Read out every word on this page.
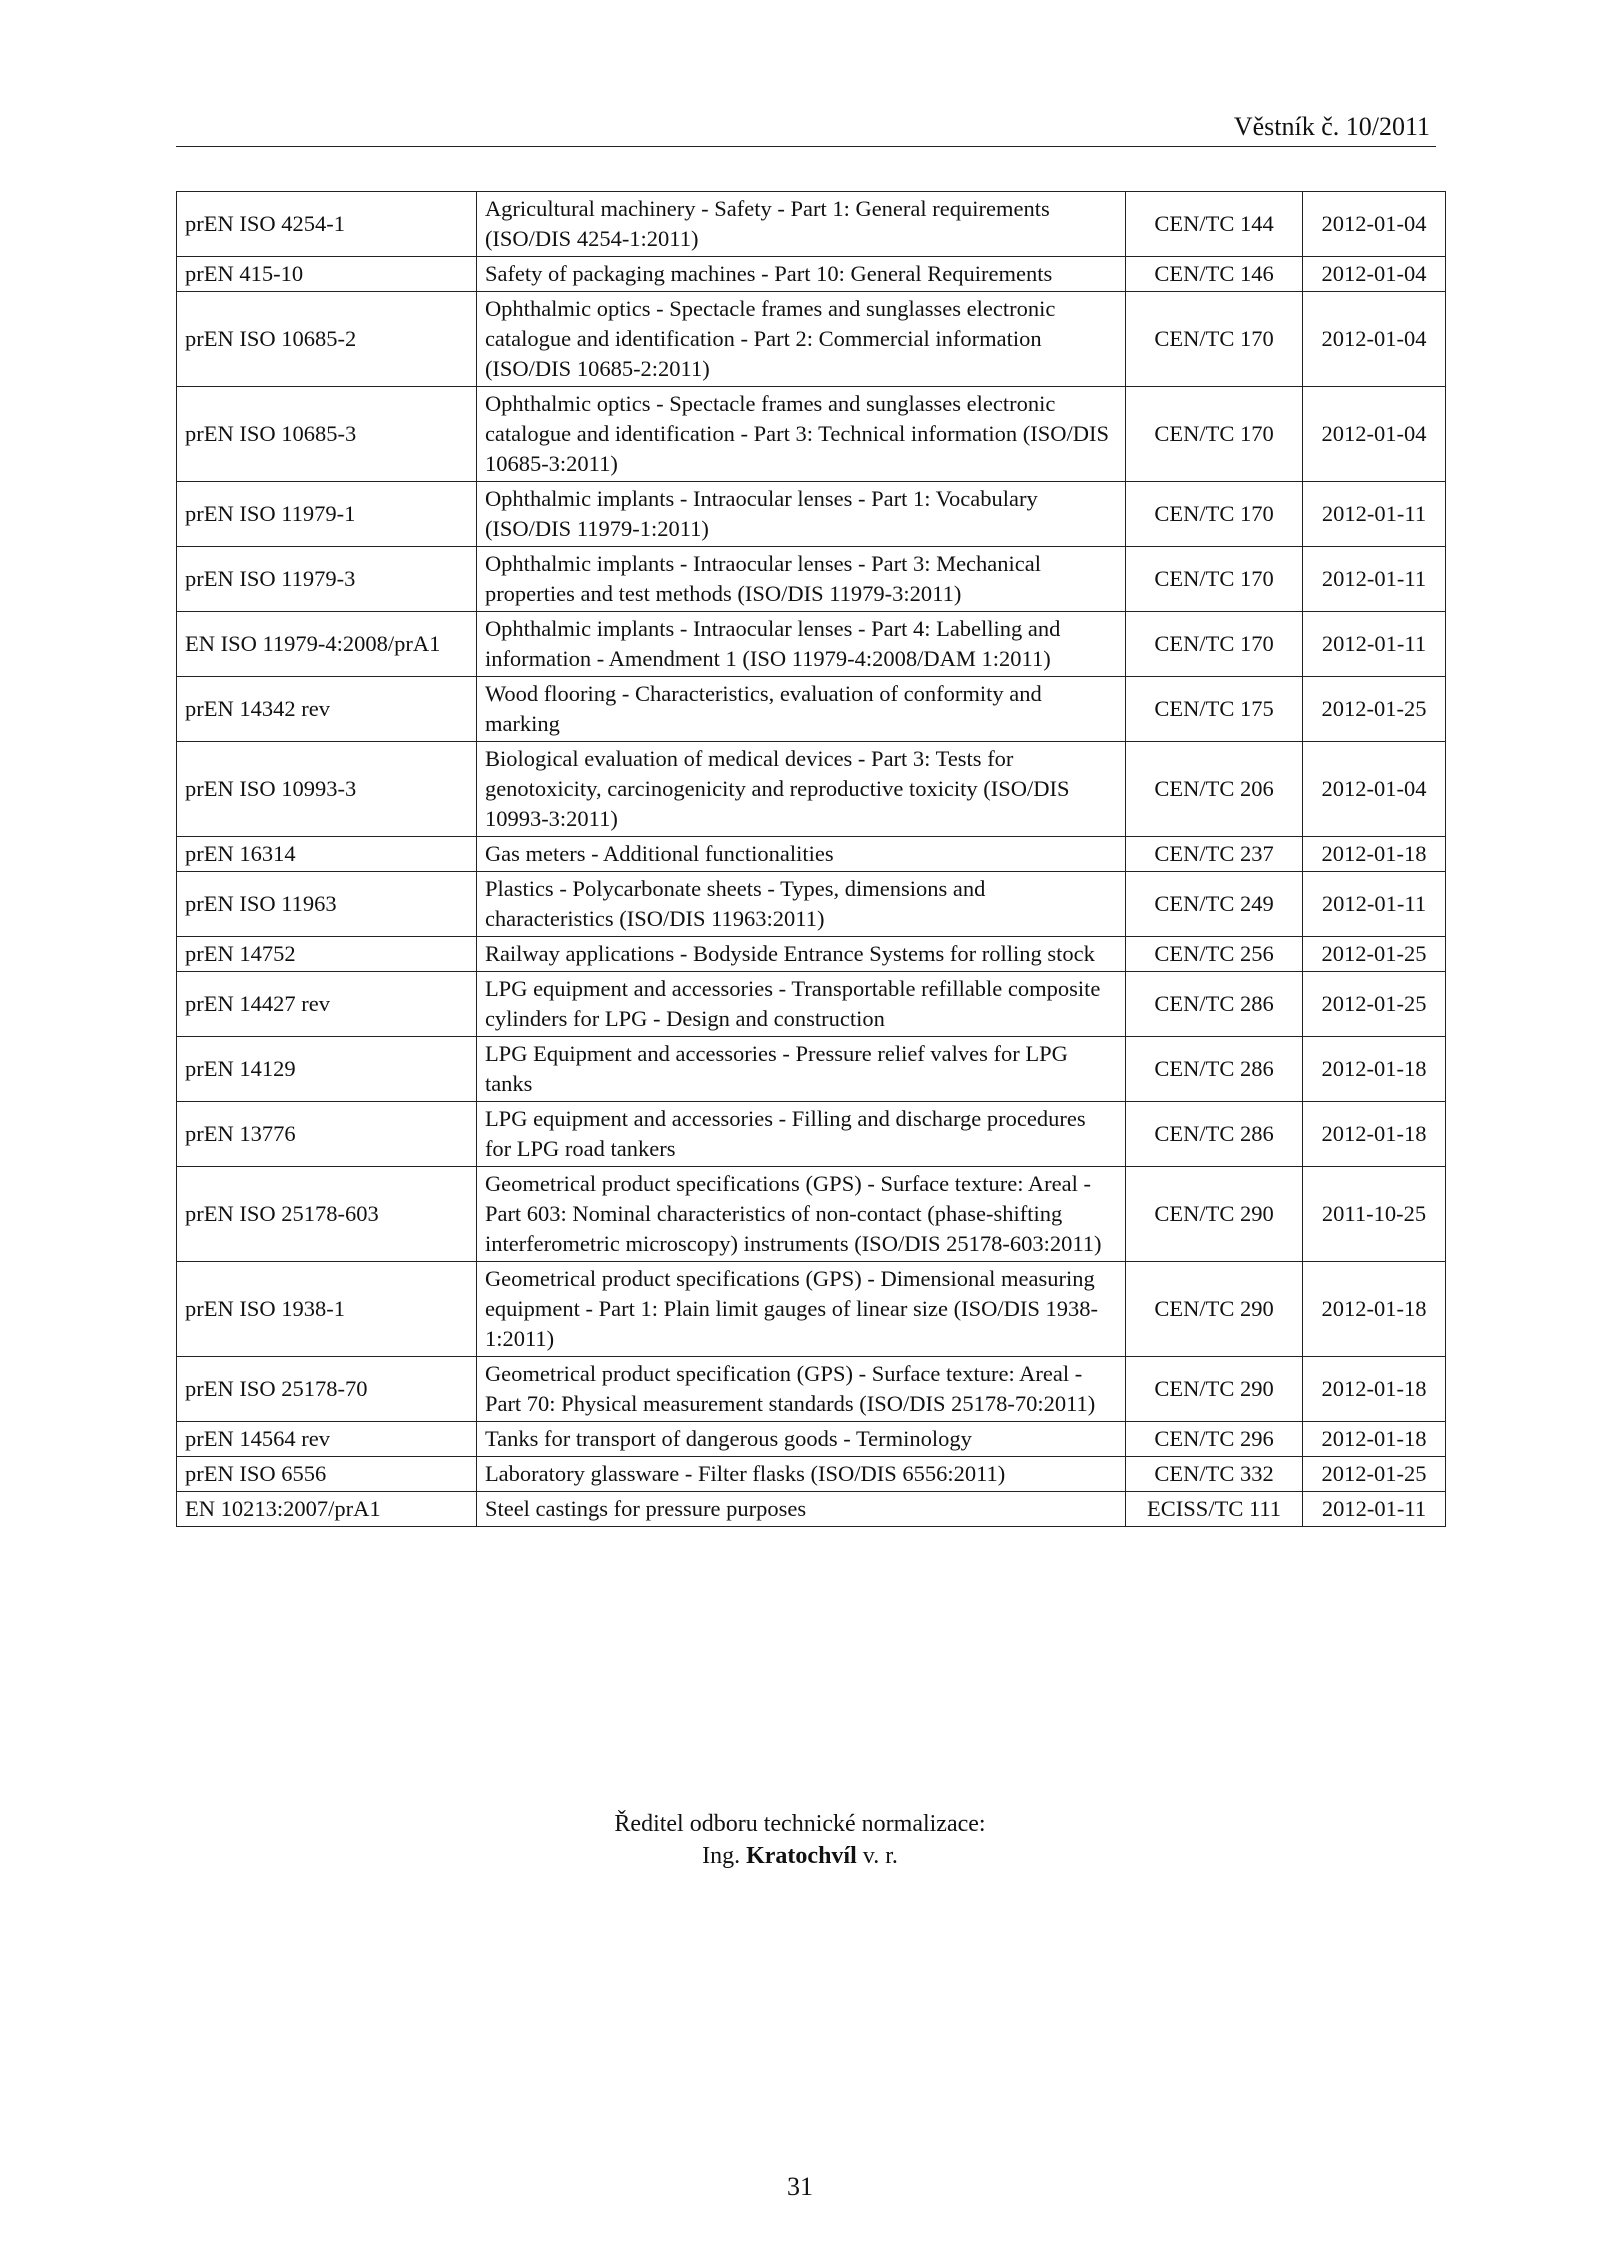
Věstník č. 10/2011
prEN ISO 4254-1	Agricultural machinery - Safety - Part 1: General requirements (ISO/DIS 4254-1:2011)	CEN/TC 144	2012-01-04
prEN 415-10	Safety of packaging machines - Part 10: General Requirements	CEN/TC 146	2012-01-04
prEN ISO 10685-2	Ophthalmic optics - Spectacle frames and sunglasses electronic catalogue and identification - Part 2: Commercial information (ISO/DIS 10685-2:2011)	CEN/TC 170	2012-01-04
prEN ISO 10685-3	Ophthalmic optics - Spectacle frames and sunglasses electronic catalogue and identification - Part 3: Technical information (ISO/DIS 10685-3:2011)	CEN/TC 170	2012-01-04
prEN ISO 11979-1	Ophthalmic implants - Intraocular lenses - Part 1: Vocabulary (ISO/DIS 11979-1:2011)	CEN/TC 170	2012-01-11
prEN ISO 11979-3	Ophthalmic implants - Intraocular lenses - Part 3: Mechanical properties and test methods (ISO/DIS 11979-3:2011)	CEN/TC 170	2012-01-11
EN ISO 11979-4:2008/prA1	Ophthalmic implants - Intraocular lenses - Part 4: Labelling and information - Amendment 1 (ISO 11979-4:2008/DAM 1:2011)	CEN/TC 170	2012-01-11
prEN 14342 rev	Wood flooring - Characteristics, evaluation of conformity and marking	CEN/TC 175	2012-01-25
prEN ISO 10993-3	Biological evaluation of medical devices - Part 3: Tests for genotoxicity, carcinogenicity and reproductive toxicity (ISO/DIS 10993-3:2011)	CEN/TC 206	2012-01-04
prEN 16314	Gas meters - Additional functionalities	CEN/TC 237	2012-01-18
prEN ISO 11963	Plastics - Polycarbonate sheets - Types, dimensions and characteristics (ISO/DIS 11963:2011)	CEN/TC 249	2012-01-11
prEN 14752	Railway applications - Bodyside Entrance Systems for rolling stock	CEN/TC 256	2012-01-25
prEN 14427 rev	LPG equipment and accessories - Transportable refillable composite cylinders for LPG - Design and construction	CEN/TC 286	2012-01-25
prEN 14129	LPG Equipment and accessories - Pressure relief valves for LPG tanks	CEN/TC 286	2012-01-18
prEN 13776	LPG equipment and accessories - Filling and discharge procedures for LPG road tankers	CEN/TC 286	2012-01-18
prEN ISO 25178-603	Geometrical product specifications (GPS) - Surface texture: Areal - Part 603: Nominal characteristics of non-contact (phase-shifting interferometric microscopy) instruments (ISO/DIS 25178-603:2011)	CEN/TC 290	2011-10-25
prEN ISO 1938-1	Geometrical product specifications (GPS) - Dimensional measuring equipment - Part 1: Plain limit gauges of linear size (ISO/DIS 1938-1:2011)	CEN/TC 290	2012-01-18
prEN ISO 25178-70	Geometrical product specification (GPS) - Surface texture: Areal - Part 70: Physical measurement standards (ISO/DIS 25178-70:2011)	CEN/TC 290	2012-01-18
prEN 14564 rev	Tanks for transport of dangerous goods - Terminology	CEN/TC 296	2012-01-18
prEN ISO 6556	Laboratory glassware - Filter flasks (ISO/DIS 6556:2011)	CEN/TC 332	2012-01-25
EN 10213:2007/prA1	Steel castings for pressure purposes	ECISS/TC 111	2012-01-11
Ředitel odboru technické normalizace:
Ing. Kratochvíl v. r.
31
